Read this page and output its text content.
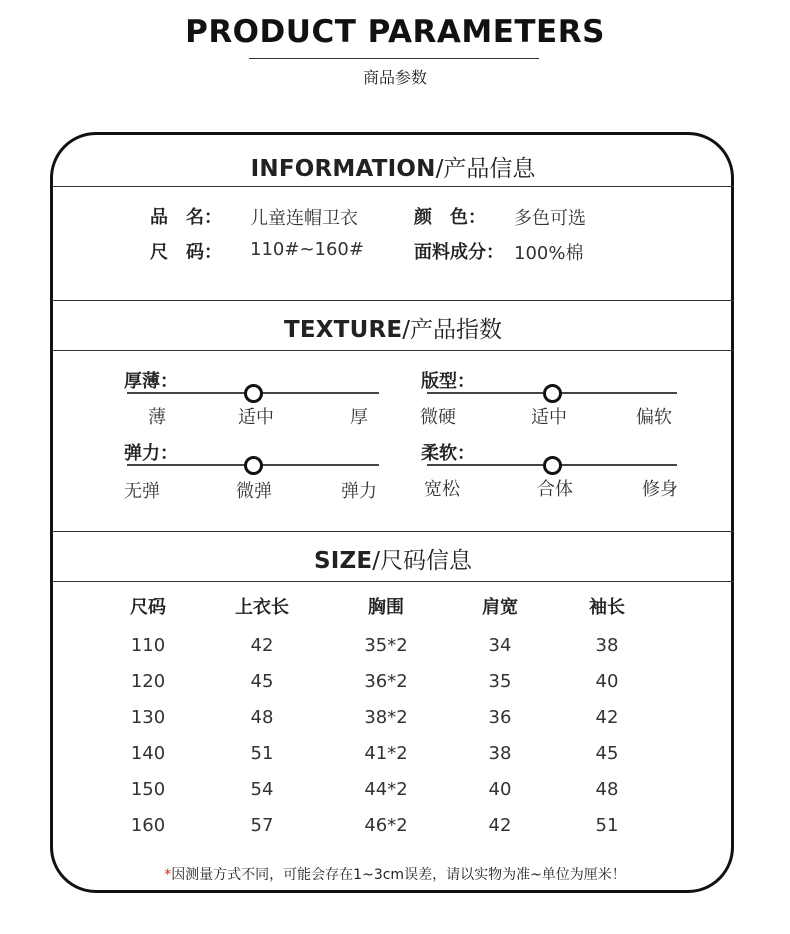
PRODUCT PARAMETERS
商品参数
INFORMATION/产品信息
品　名： 儿童连帽卫衣	颜　色： 多色可选
尺　码： 110#~160#	面料成分： 100%棉
TEXTURE/产品指数
厚薄：
薄	适中	厚
版型：
微硬	适中	偏软
弹力：
无弹	微弹	弹力
柔软：
宽松	合体	修身
SIZE/尺码信息
尺码	上衣长	胸围	肩宽	袖长
110	42	35*2	34	38
120	45	36*2	35	40
130	48	38*2	36	42
140	51	41*2	38	45
150	54	44*2	40	48
160	57	46*2	42	51
*因测量方式不同，可能会存在1~3cm误差，请以实物为准~单位为厘米！
